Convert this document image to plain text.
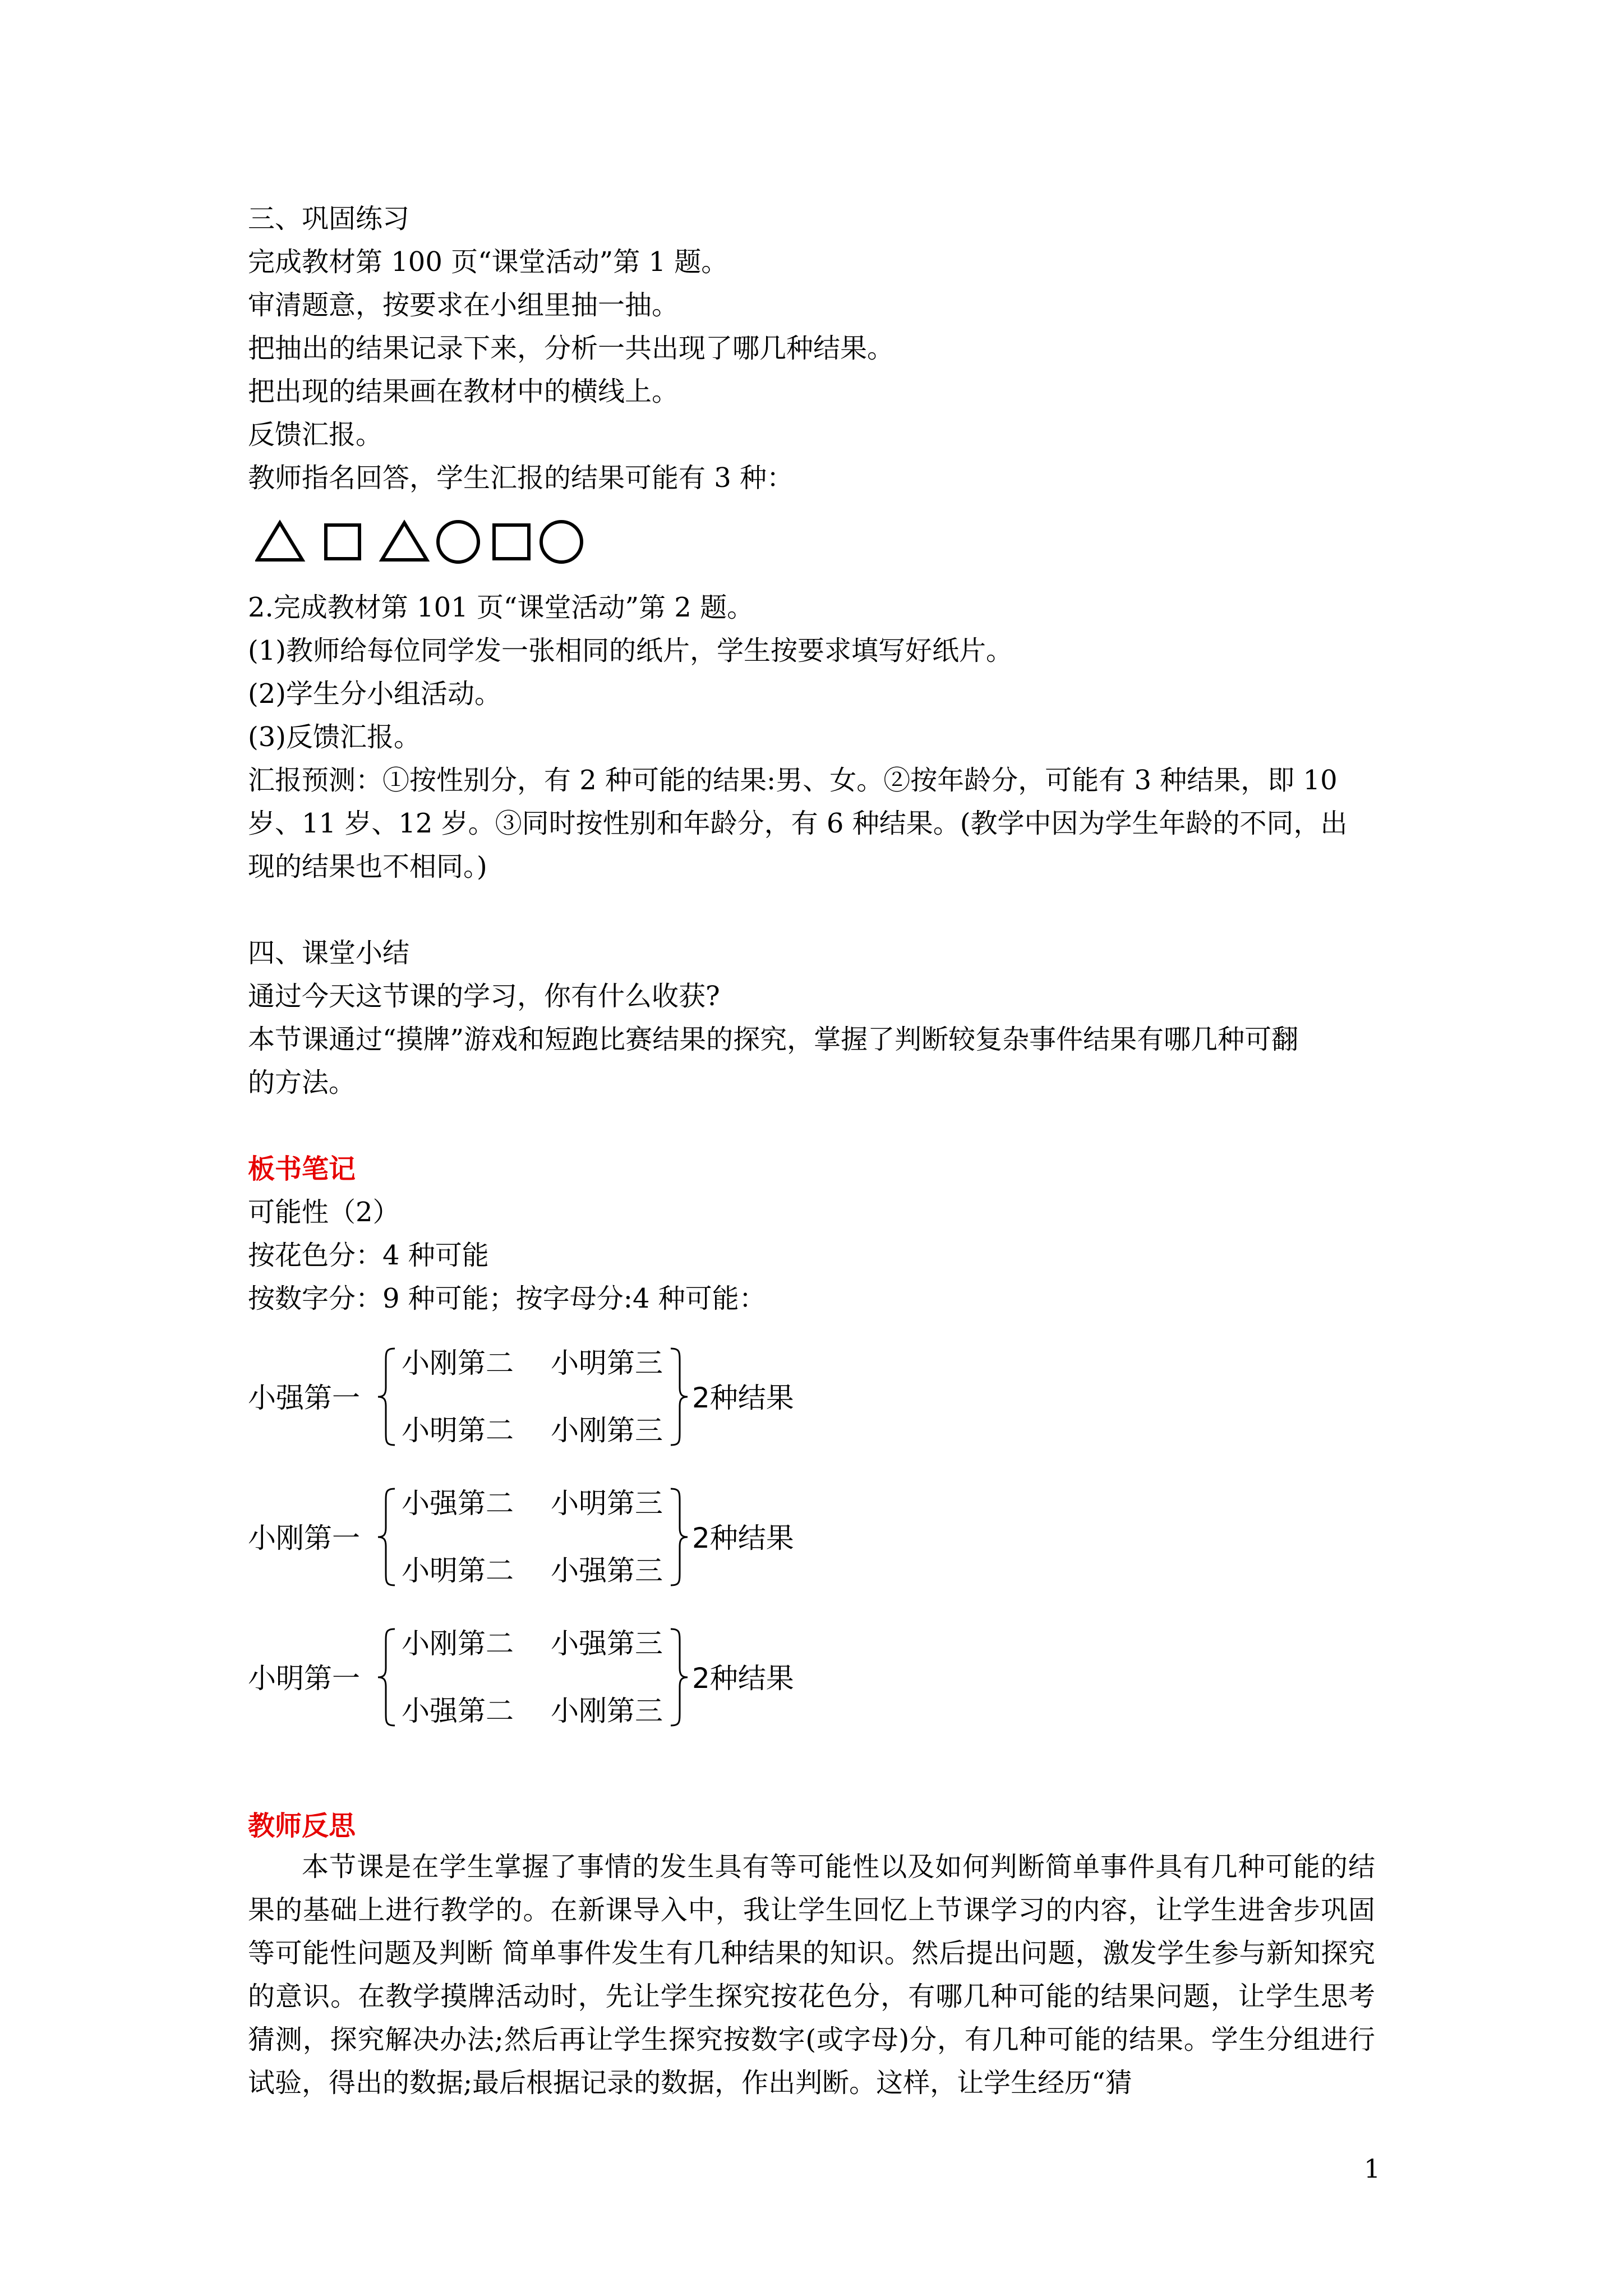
三、巩固练习

完成教材第 100 页“课堂活动”第 1 题。

审清题意，按要求在小组里抽一抽。

把抽出的结果记录下来，分析一共出现了哪几种结果。

把出现的结果画在教材中的横线上。

反馈汇报。

教师指名回答，学生汇报的结果可能有 3 种：

2.完成教材第 101 页“课堂活动”第 2 题。

(1)教师给每位同学发一张相同的纸片，学生按要求填写好纸片。

(2)学生分小组活动。

(3)反馈汇报。

汇报预测：①按性别分，有 2 种可能的结果:男、女。②按年龄分，可能有 3 种结果，即 10

岁、11 岁、12 岁。③同时按性别和年龄分，有 6 种结果。(教学中因为学生年龄的不同，出

现的结果也不相同。)

四、课堂小结

通过今天这节课的学习，你有什么收获?

本节课通过“摸牌”游戏和短跑比赛结果的探究，掌握了判断较复杂事件结果有哪几种可翻

的方法。

板书笔记

可能性（2）

按花色分：4 种可能

按数字分：9 种可能；按字母分:4 种可能：

小强第一
小刚第二 小明第三
小明第二 小刚第三
2种结果
小刚第一
小强第二 小明第三
小明第二 小强第三
2种结果
小明第一
小刚第二 小强第三
小强第二 小刚第三
2种结果

教师反思

本节课是在学生掌握了事情的发生具有等可能性以及如何判断简单事件具有几种可能的结果的基础上进行教学的。在新课导入中，我让学生回忆上节课学习的内容，让学生进舍步巩固等可能性问题及判断 简单事件发生有几种结果的知识。然后提出问题，激发学生参与新知探究的意识。在教学摸牌活动时，先让学生探究按花色分，有哪几种可能的结果问题，让学生思考猜测，探究解决办法;然后再让学生探究按数字(或字母)分，有几种可能的结果。学生分组进行试验，得出的数据;最后根据记录的数据，作出判断。这样，让学生经历“猜

1
